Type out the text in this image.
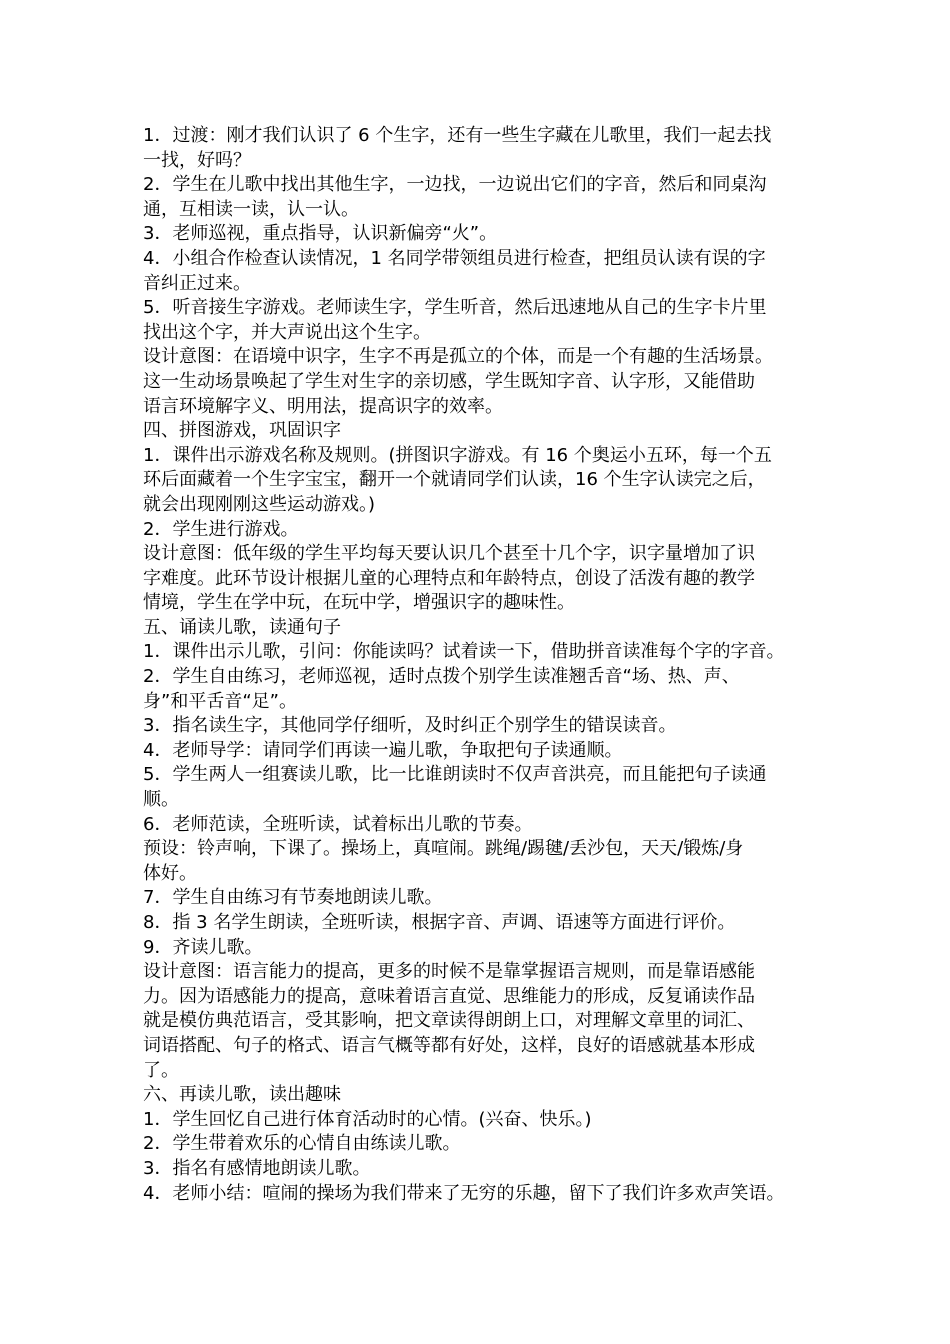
1．过渡：刚才我们认识了 6 个生字，还有一些生字藏在儿歌里，我们一起去找
一找，好吗？
2．学生在儿歌中找出其他生字，一边找，一边说出它们的字音，然后和同桌沟
通，互相读一读，认一认。
3．老师巡视，重点指导，认识新偏旁“火”。
4．小组合作检查认读情况，1 名同学带领组员进行检查，把组员认读有误的字
音纠正过来。
5．听音接生字游戏。老师读生字，学生听音，然后迅速地从自己的生字卡片里
找出这个字，并大声说出这个生字。
设计意图：在语境中识字，生字不再是孤立的个体，而是一个有趣的生活场景。
这一生动场景唤起了学生对生字的亲切感，学生既知字音、认字形，又能借助
语言环境解字义、明用法，提高识字的效率。
四、拼图游戏，巩固识字
1．课件出示游戏名称及规则。(拼图识字游戏。有 16 个奥运小五环，每一个五
环后面藏着一个生字宝宝，翻开一个就请同学们认读，16 个生字认读完之后，
就会出现刚刚这些运动游戏。)
2．学生进行游戏。
设计意图：低年级的学生平均每天要认识几个甚至十几个字，识字量增加了识
字难度。此环节设计根据儿童的心理特点和年龄特点，创设了活泼有趣的教学
情境，学生在学中玩，在玩中学，增强识字的趣味性。
五、诵读儿歌，读通句子
1．课件出示儿歌，引问：你能读吗？试着读一下，借助拼音读准每个字的字音。
2．学生自由练习，老师巡视，适时点拨个别学生读准翘舌音“场、热、声、
身”和平舌音“足”。
3．指名读生字，其他同学仔细听，及时纠正个别学生的错误读音。
4．老师导学：请同学们再读一遍儿歌，争取把句子读通顺。
5．学生两人一组赛读儿歌，比一比谁朗读时不仅声音洪亮，而且能把句子读通
顺。
6．老师范读，全班听读，试着标出儿歌的节奏。
预设：铃声响，下课了。操场上，真喧闹。跳绳/踢毽/丢沙包，天天/锻炼/身
体好。
7．学生自由练习有节奏地朗读儿歌。
8．指 3 名学生朗读，全班听读，根据字音、声调、语速等方面进行评价。
9．齐读儿歌。
设计意图：语言能力的提高，更多的时候不是靠掌握语言规则，而是靠语感能
力。因为语感能力的提高，意味着语言直觉、思维能力的形成，反复诵读作品
就是模仿典范语言，受其影响，把文章读得朗朗上口，对理解文章里的词汇、
词语搭配、句子的格式、语言气概等都有好处，这样，良好的语感就基本形成
了。
六、再读儿歌，读出趣味
1．学生回忆自己进行体育活动时的心情。(兴奋、快乐。)
2．学生带着欢乐的心情自由练读儿歌。
3．指名有感情地朗读儿歌。
4．老师小结：喧闹的操场为我们带来了无穷的乐趣，留下了我们许多欢声笑语。
